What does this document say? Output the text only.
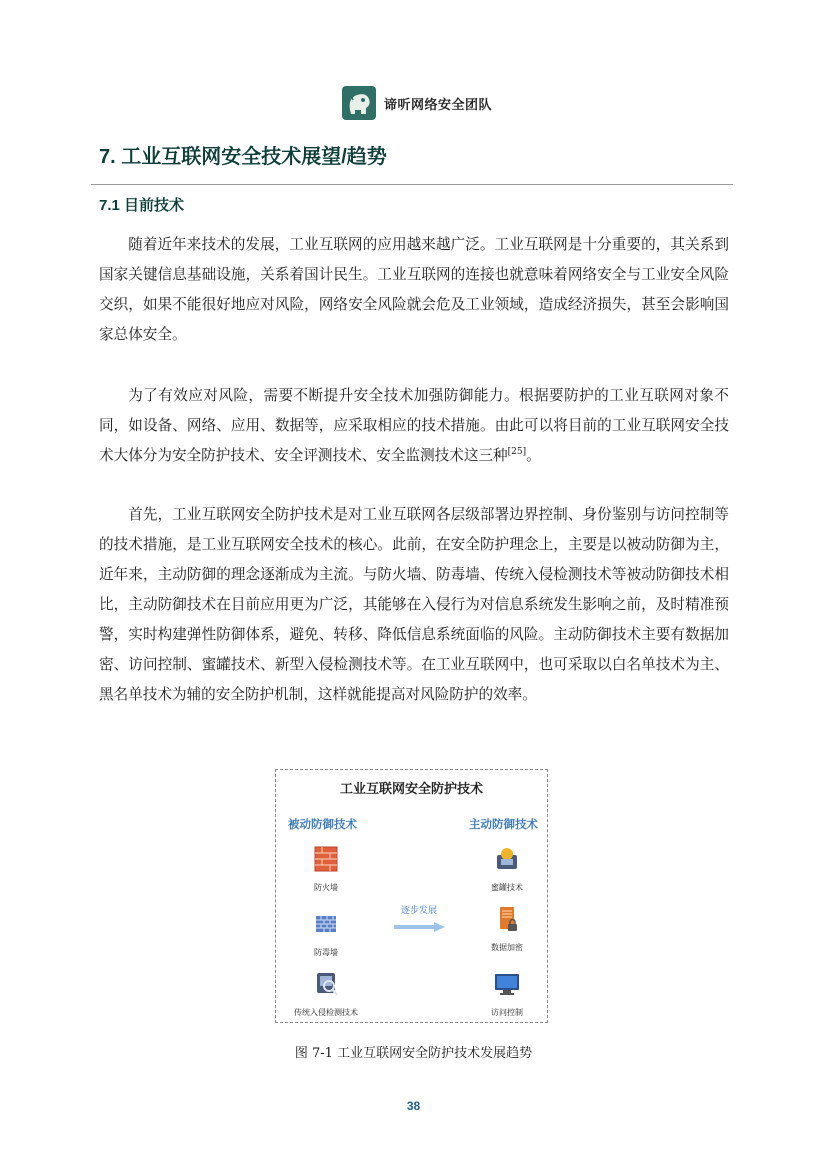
谛听网络安全团队
7. 工业互联网安全技术展望/趋势
7.1 目前技术

随着近年来技术的发展，工业互联网的应用越来越广泛。工业互联网是十分重要的，其关系到国家关键信息基础设施，关系着国计民生。工业互联网的连接也就意味着网络安全与工业安全风险交织，如果不能很好地应对风险，网络安全风险就会危及工业领域，造成经济损失，甚至会影响国家总体安全。

为了有效应对风险，需要不断提升安全技术加强防御能力。根据要防护的工业互联网对象不同，如设备、网络、应用、数据等，应采取相应的技术措施。由此可以将目前的工业互联网安全技术大体分为安全防护技术、安全评测技术、安全监测技术这三种[25]。

首先，工业互联网安全防护技术是对工业互联网各层级部署边界控制、身份鉴别与访问控制等的技术措施，是工业互联网安全技术的核心。此前，在安全防护理念上，主要是以被动防御为主，近年来，主动防御的理念逐渐成为主流。与防火墙、防毒墙、传统入侵检测技术等被动防御技术相比，主动防御技术在目前应用更为广泛，其能够在入侵行为对信息系统发生影响之前，及时精准预警，实时构建弹性防御体系，避免、转移、降低信息系统面临的风险。主动防御技术主要有数据加密、访问控制、蜜罐技术、新型入侵检测技术等。在工业互联网中，也可采取以白名单技术为主、黑名单技术为辅的安全防护机制，这样就能提高对风险防护的效率。

工业互联网安全防护技术
被动防御技术	主动防御技术
防火墙
防毒墙
传统入侵检测技术
逐步发展
蜜罐技术
数据加密
访问控制
图 7-1 工业互联网安全防护技术发展趋势
38
